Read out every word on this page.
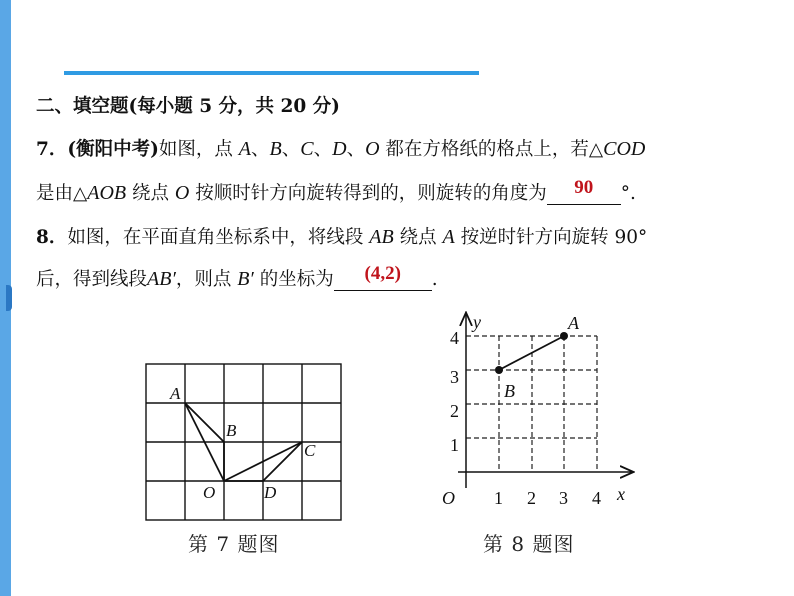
二、填空题(每小题 5 分，共 20 分)
7．(衡阳中考)如图，点 A、B、C、D、O 都在方格纸的格点上，若△COD
是由△AOB 绕点 O 按顺时针方向旋转得到的，则旋转的角度为 90 °.
8．如图，在平面直角坐标系中，将线段 AB 绕点 A 按逆时针方向旋转 90°
后，得到线段AB′，则点 B′ 的坐标为 (4,2) .
A
B
C
O	D
第 7 题图
y
x
O 1 2 3 4
1
2
3
4
A
B
第 8 题图
